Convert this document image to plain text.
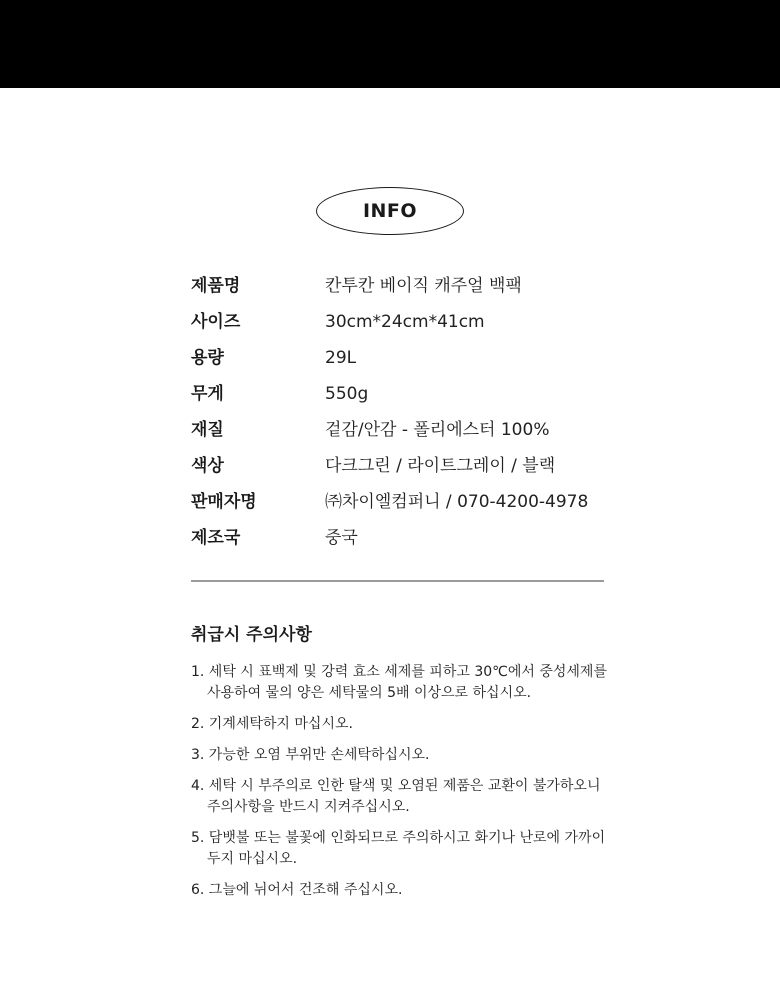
INFO
제품명	칸투칸 베이직 캐주얼 백팩
사이즈	30cm*24cm*41cm
용량	29L
무게	550g
재질	겉감/안감 - 폴리에스터 100%
색상	다크그린 / 라이트그레이 / 블랙
판매자명	㈜차이엘컴퍼니 / 070-4200-4978
제조국	중국
취급시 주의사항
1. 세탁 시 표백제 및 강력 효소 세제를 피하고 30℃에서 중성세제를
사용하여 물의 양은 세탁물의 5배 이상으로 하십시오.
2. 기계세탁하지 마십시오.
3. 가능한 오염 부위만 손세탁하십시오.
4. 세탁 시 부주의로 인한 탈색 및 오염된 제품은 교환이 불가하오니
주의사항을 반드시 지켜주십시오.
5. 담뱃불 또는 불꽃에 인화되므로 주의하시고 화기나 난로에 가까이
두지 마십시오.
6. 그늘에 뉘어서 건조해 주십시오.
